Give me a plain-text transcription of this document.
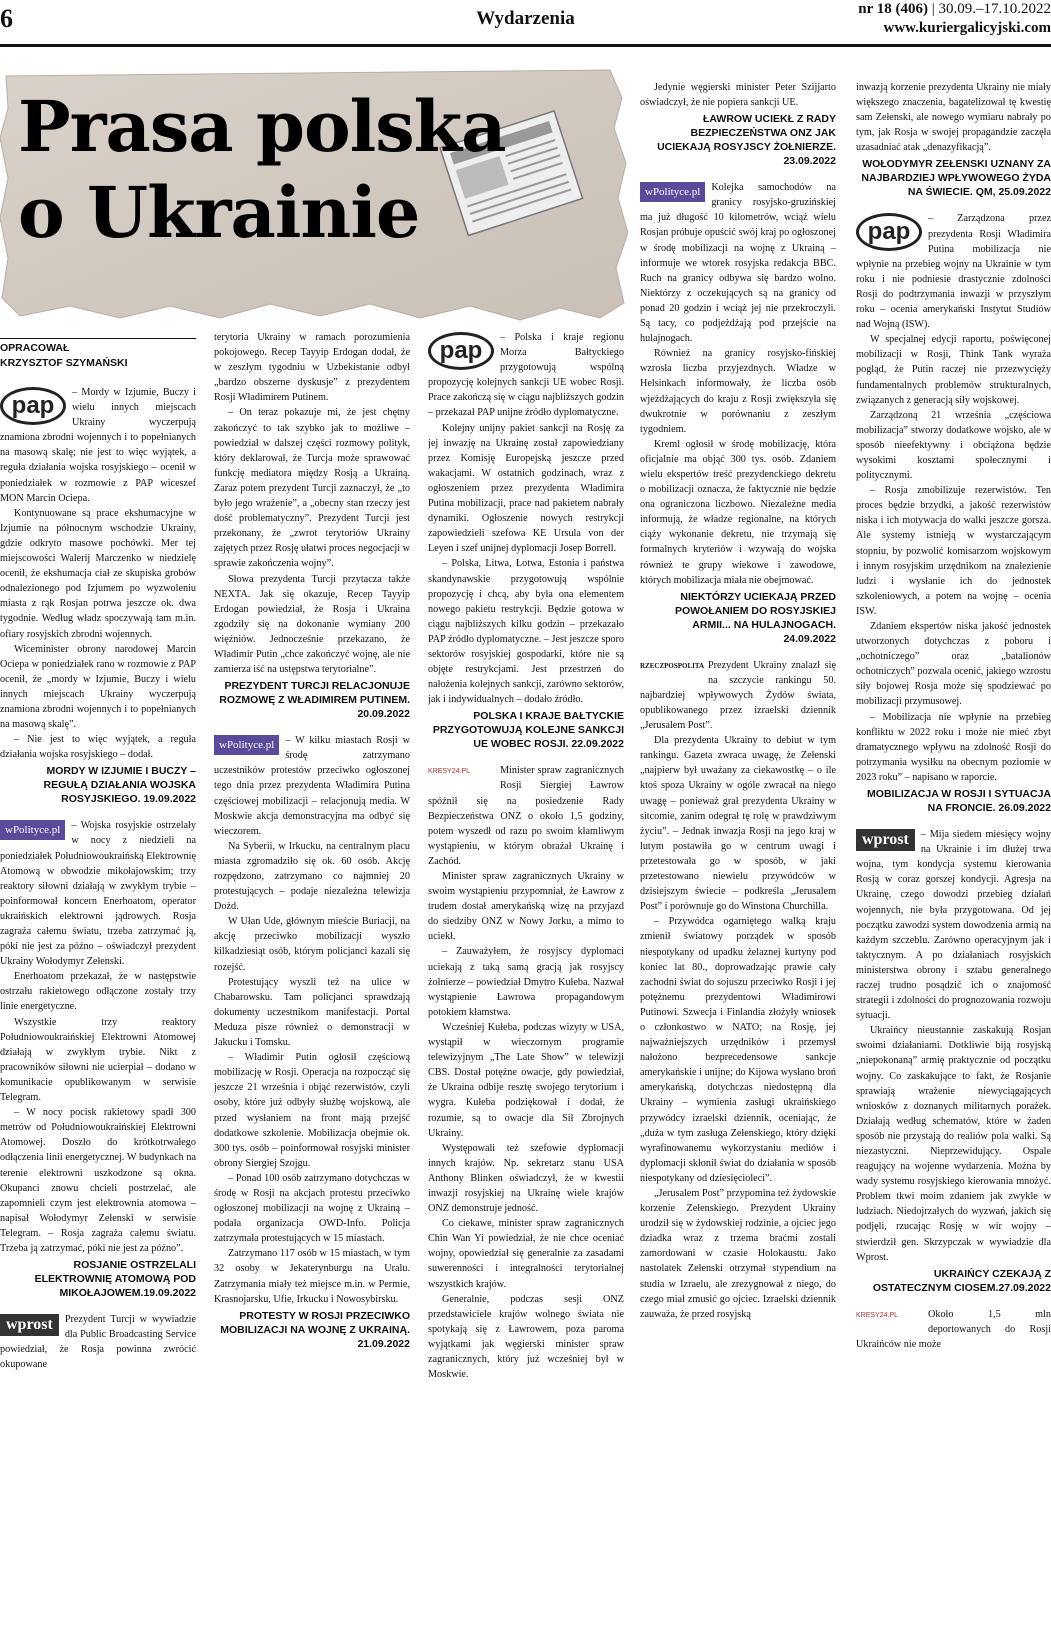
6	Wydarzenia	nr 18 (406) | 30.09.–17.10.2022
www.kuriergalicyjski.com
Prasa polska
o Ukrainie
OPRACOWAŁ
KRZYSZTOF SZYMAŃSKI
pap	– Mordy w Izjumie, Buczy i wielu innych miejscach Ukrainy wyczerpują znamiona zbrodni wojennych i to popełnianych na masową skalę; nie jest to więc wyjątek, a reguła działania wojska rosyjskiego – ocenił w poniedziałek w rozmowie z PAP wiceszef MON Marcin Ociepa.

Kontynuowane są prace ekshumacyjne w Izjumie na północnym wschodzie Ukrainy, gdzie odkryto masowe pochówki. Mer tej miejscowości Walerij Marczenko w niedzielę ocenił, że ekshumacja ciał ze skupiska grobów odnalezionego pod Izjumem po wyzwoleniu miasta z rąk Rosjan potrwa jeszcze ok. dwa tygodnie. Według władz spoczywają tam m.in. ofiary rosyjskich zbrodni wojennych.

Wiceminister obrony narodowej Marcin Ociepa w poniedziałek rano w rozmowie z PAP ocenił, że „mordy w Izjumie, Buczy i wielu innych miejscach Ukrainy wyczerpują znamiona zbrodni wojennych i to popełnianych na masową skalę”.

– Nie jest to więc wyjątek, a reguła działania wojska rosyjskiego – dodał.

MORDY W IZJUMIE I BUCZY – REGUŁĄ DZIAŁANIA WOJSKA ROSYJSKIEGO. 19.09.2022
wPolityce.pl	– Wojska rosyjskie ostrzelały w nocy z niedzieli na poniedziałek Południowoukraińską Elektrownię Atomową w obwodzie mikołajowskim; trzy reaktory siłowni działają w zwykłym trybie – poinformował koncern Enerhoatom, operator ukraińskich elektrowni jądrowych. Rosja zagraża całemu światu, trzeba zatrzymać ją, póki nie jest za późno – oświadczył prezydent Ukrainy Wołodymyr Zełenski.

Enerhoatom przekazał, że w następstwie ostrzału rakietowego odłączone zostały trzy linie energetyczne.

Wszystkie trzy reaktory Południowoukraińskiej Elektrowni Atomowej działają w zwykłym trybie. Nikt z pracowników siłowni nie ucierpiał – dodano w komunikacie opublikowanym w serwisie Telegram.

– W nocy pocisk rakietowy spadł 300 metrów od Południowoukraińskiej Elektrowni Atomowej. Doszło do krótkotrwałego odłączenia linii energetycznej. W budynkach na terenie elektrowni uszkodzone są okna. Okupanci znowu chcieli postrzelać, ale zapomnieli czym jest elektrownia atomowa – napisał Wołodymyr Zełenski w serwisie Telegram. – Rosja zagraża całemu światu. Trzeba ją zatrzymać, póki nie jest za późno”.

ROSJANIE OSTRZELALI ELEKTROWNIĘ ATOMOWĄ POD MIKOŁAJOWEM.19.09.2022
wprost	Prezydent Turcji w wywiadzie dla Public Broadcasting Service powiedział, że Rosja powinna zwrócić okupowane

terytoria Ukrainy w ramach porozumienia pokojowego. Recep Tayyip Erdogan dodał, że w zeszłym tygodniu w Uzbekistanie odbył „bardzo obszerne dyskusje” z prezydentem Rosji Władimirem Putinem.

– On teraz pokazuje mi, że jest chętny zakończyć to tak szybko jak to możliwe – powiedział w dalszej części rozmowy polityk, który deklarował, że Turcja może sprawować funkcję mediatora między Rosją a Ukrainą. Zaraz potem prezydent Turcji zaznaczył, że „to było jego wrażenie”, a „obecny stan rzeczy jest dość problematyczny”. Prezydent Turcji jest przekonany, że „zwrot terytoriów Ukrainy zajętych przez Rosję ułatwi proces negocjacji w sprawie zakończenia wojny”.

Słowa prezydenta Turcji przytacza także NEXTA. Jak się okazuje, Recep Tayyip Erdogan powiedział, że Rosja i Ukraina zgodziły się na dokonanie wymiany 200 więźniów. Jednocześnie przekazano, że Władimir Putin „chce zakończyć wojnę, ale nie zamierza iść na ustępstwa terytorialne”.

PREZYDENT TURCJI RELACJONUJE ROZMOWĘ Z WŁADIMIREM PUTINEM. 20.09.2022
wPolityce.pl	– W kilku miastach Rosji w środę zatrzymano uczestników protestów przeciwko ogłoszonej tego dnia przez prezydenta Władimira Putina częściowej mobilizacji – relacjonują media. W Moskwie akcja demonstracyjna ma odbyć się wieczorem.

Na Syberii, w Irkucku, na centralnym placu miasta zgromadziło się ok. 60 osób. Akcję rozpędzono, zatrzymano co najmniej 20 protestujących – podaje niezależna telewizja Dożd.

W Ułan Ude, głównym mieście Buriacji, na akcję przeciwko mobilizacji wyszło kilkadziesiąt osób, którym policjanci kazali się rozejść.

Protestujący wyszli też na ulice w Chabarowsku. Tam policjanci sprawdzają dokumenty uczestnikom manifestacji. Portal Meduza pisze również o demonstracji w Jakucku i Tomsku.

– Władimir Putin ogłosił częściową mobilizację w Rosji. Operacja na rozpocząć się jeszcze 21 września i objąć rezerwistów, czyli osoby, które już odbyły służbę wojskową, ale przed wysłaniem na front mają przejść dodatkowe szkolenie. Mobilizacja obejmie ok. 300 tys. osób – poinformował rosyjski minister obrony Siergiej Szojgu.

– Ponad 100 osób zatrzymano dotychczas w środę w Rosji na akcjach protestu przeciwko ogłoszonej mobilizacji na wojnę z Ukrainą – podała organizacja OWD-Info. Policja zatrzymała protestujących w 15 miastach.

Zatrzymano 117 osób w 15 miastach, w tym 32 osoby w Jekaterynburgu na Uralu. Zatrzymania miały też miejsce m.in. w Permie, Krasnojarsku, Ufie, Irkucku i Nowosybirsku.

PROTESTY W ROSJI PRZECIWKO MOBILIZACJI NA WOJNĘ Z UKRAINĄ. 21.09.2022
pap	– Polska i kraje regionu Morza Bałtyckiego przygotowują wspólną propozycję kolejnych sankcji UE wobec Rosji. Prace zakończą się w ciągu najbliższych godzin – przekazał PAP unijne źródło dyplomatyczne.

Kolejny unijny pakiet sankcji na Rosję za jej inwazję na Ukrainę został zapowiedziany przez Komisję Europejską jeszcze przed wakacjami. W ostatnich godzinach, wraz z ogłoszeniem przez prezydenta Władimira Putina mobilizacji, prace nad pakietem nabrały dynamiki. Ogłoszenie nowych restrykcji zapowiedzieli szefowa KE Ursula von der Leyen i szef unijnej dyplomacji Josep Borrell.

– Polska, Litwa, Łotwa, Estonia i państwa skandynawskie przygotowują wspólnie propozycję i chcą, aby była ona elementem nowego pakietu restrykcji. Będzie gotowa w ciągu najbliższych kilku godzin – przekazało PAP źródło dyplomatyczne. – Jest jeszcze sporo sektorów rosyjskiej gospodarki, które nie są objęte restrykcjami. Jest przestrzeń do nałożenia kolejnych sankcji, zarówno sektorów, jak i indywidualnych – dodało źródło.

POLSKA I KRAJE BAŁTYCKIE PRZYGOTOWUJĄ KOLEJNE SANKCJI UE WOBEC ROSJI. 22.09.2022
KRESY24.PL	Minister spraw zagranicznych Rosji Siergiej Ławrow spóźnił się na posiedzenie Rady Bezpieczeństwa ONZ o około 1,5 godziny, potem wyszedł od razu po swoim kłamliwym wystąpieniu, w którym obrażał Ukrainę i Zachód.

Minister spraw zagranicznych Ukrainy w swoim wystąpieniu przypomniał, że Ławrow z trudem dostał amerykańską wizę na przyjazd do siedziby ONZ w Nowy Jorku, a mimo to uciekł.

– Zauważyłem, że rosyjscy dyplomaci uciekają z taką samą gracją jak rosyjscy żołnierze – powiedział Dmytro Kułeba. Nazwał wystąpienie Ławrowa propagandowym potokiem kłamstwa.

Wcześniej Kułeba, podczas wizyty w USA, wystąpił w wieczornym programie telewizyjnym „The Late Show” w telewizji CBS. Dostał potężne owacje, gdy powiedział, że Ukraina odbije resztę swojego terytorium i wygra. Kułeba podziękował i dodał, że rozumie, są to owacje dla Sił Zbrojnych Ukrainy.

Występowali też szefowie dyplomacji innych krajów. Np. sekretarz stanu USA Anthony Blinken oświadczył, że w kwestii inwazji rosyjskiej na Ukrainę wiele krajów ONZ demonstruje jedność.

Co ciekawe, minister spraw zagranicznych Chin Wan Yi powiedział, że nie chce oceniać wojny, opowiedział się generalnie za zasadami suwerenności i integralności terytorialnej wszystkich krajów.

Generalnie, podczas sesji ONZ przedstawiciele krajów wolnego świata nie spotykają się z Ławrowem, poza paroma wyjątkami jak węgierski minister spraw zagranicznych, który już wcześniej był w Moskwie.

Jedynie węgierski minister Peter Szijjarto oświadczył, że nie popiera sankcji UE.

ŁAWROW UCIEKŁ Z RADY BEZPIECZEŃSTWA ONZ JAK UCIEKAJĄ ROSYJSCY ŻOŁNIERZE. 23.09.2022
wPolityce.pl	Kolejka samochodów na granicy rosyjsko-gruzińskiej ma już długość 10 kilometrów, wciąż wielu Rosjan próbuje opuścić swój kraj po ogłoszonej w środę mobilizacji na wojnę z Ukrainą – informuje we wtorek rosyjska redakcja BBC. Ruch na granicy odbywa się bardzo wolno. Niektórzy z oczekujących są na granicy od ponad 20 godzin i wciąż jej nie przekroczyli. Są tacy, co podjeżdżają pod przejście na hulajnogach.

Również na granicy rosyjsko-fińskiej wzrosła liczba przyjezdnych. Władze w Helsinkach informowały, że liczba osób wjeżdżających do kraju z Rosji zwiększyła się dwukrotnie w porównaniu z zeszłym tygodniem.

Kreml ogłosił w środę mobilizację, która oficjalnie ma objąć 300 tys. osób. Zdaniem wielu ekspertów treść prezydenckiego dekretu o mobilizacji oznacza, że faktycznie nie będzie ona ograniczona liczbowo. Niezależne media informują, że władze regionalne, na których ciąży wykonanie dekretu, nie trzymają się formalnych kryteriów i wzywają do wojska również te grupy wiekowe i zawodowe, których mobilizacja miała nie obejmować.

NIEKTÓRZY UCIEKAJĄ PRZED POWOŁANIEM DO ROSYJSKIEJ ARMII... NA HULAJNOGACH. 24.09.2022
RZECZPOSPOLITA Prezydent Ukrainy znalazł się na szczycie rankingu 50. najbardziej wpływowych Żydów świata, opublikowanego przez izraelski dziennik „Jerusalem Post”.

Dla prezydenta Ukrainy to debiut w tym rankingu. Gazeta zwraca uwagę, że Zełenski „najpierw był uważany za ciekawostkę – o ile ktoś spoza Ukrainy w ogóle zwracał na niego uwagę – ponieważ grał prezydenta Ukrainy w sitcomie, zanim odegrał tę rolę w prawdziwym życiu”. – Jednak inwazja Rosji na jego kraj w lutym postawiła go w centrum uwagi i przetestowała go w sposób, w jaki przetestowano niewielu przywódców w dzisiejszym świecie – podkreśla „Jerusalem Post” i porównuje go do Winstona Churchilla.

– Przywódca ogarniętego walką kraju zmienił światowy porządek w sposób niespotykany od upadku żelaznej kurtyny pod koniec lat 80., doprowadzając prawie cały zachodni świat do sojuszu przeciwko Rosji i jej potężnemu prezydentowi Władimirowi Putinowi. Szwecja i Finlandia złożyły wniosek o członkostwo w NATO; na Rosję, jej najważniejszych urzędników i przemysł nałożono bezprecedensowe sankcje amerykańskie i unijne; do Kijowa wysłano broń amerykańską, dotychczas niedostępną dla Ukrainy – wymienia zasługi ukraińskiego przywódcy izraelski dziennik, oceniając, że „duża w tym zasługa Zełenskiego, który dzięki wyrafinowanemu wykorzystaniu mediów i dyplomacji skłonił świat do działania w sposób niespotykany od dziesięcioleci”.

„Jerusalem Post” przypomina też żydowskie korzenie Zełenskiego. Prezydent Ukrainy urodził się w żydowskiej rodzinie, a ojciec jego dziadka wraz z trzema braćmi zostali zamordowani w czasie Holokaustu. Jako nastolatek Zełenski otrzymał stypendium na studia w Izraelu, ale zrezygnował z niego, do czego miał zmusić go ojciec. Izraelski dziennik zauważa, że przed rosyjską

inwazją korzenie prezydenta Ukrainy nie miały większego znaczenia, bagatelizował tę kwestię sam Zełenski, ale nowego wymiaru nabrały po tym, jak Rosja w swojej propagandzie zaczęła uzasadniać atak „denazyfikacją”.

WOŁODYMYR ZEŁENSKI UZNANY ZA NAJBARDZIEJ WPŁYWOWEGO ŻYDA NA ŚWIECIE. QM, 25.09.2022
pap	– Zarządzona przez prezydenta Rosji Władimira Putina mobilizacja nie wpłynie na przebieg wojny na Ukrainie w tym roku i nie podniesie drastycznie zdolności Rosji do podtrzymania inwazji w przyszłym roku – ocenia amerykański Instytut Studiów nad Wojną (ISW).

W specjalnej edycji raportu, poświęconej mobilizacji w Rosji, Think Tank wyraża pogląd, że Putin raczej nie przezwycięży fundamentalnych problemów strukturalnych, związanych z generacją siły wojskowej.

Zarządzoną 21 września „częściowa mobilizacja” stworzy dodatkowe wojsko, ale w sposób nieefektywny i obciążona będzie wysokimi kosztami społecznymi i politycznymi.

– Rosja zmobilizuje rezerwistów. Ten proces będzie brzydki, a jakość rezerwistów niska i ich motywacja do walki jeszcze gorsza. Ale systemy istnieją w wystarczającym stopniu, by pozwolić komisarzom wojskowym i innym rosyjskim urzędnikom na znalezienie ludzi i wysłanie ich do jednostek szkoleniowych, a potem na wojnę – ocenia ISW.

Zdaniem ekspertów niska jakość jednostek utworzonych dotychczas z poboru i „ochotniczego” oraz „batalionów ochotniczych” pozwala ocenić, jakiego wzrostu siły bojowej Rosja może się spodziewać po mobilizacji przymusowej.

– Mobilizacja nie wpłynie na przebieg konfliktu w 2022 roku i może nie mieć zbyt dramatycznego wpływu na zdolność Rosji do potrzymania wysiłku na obecnym poziomie w 2023 roku” – napisano w raporcie.

MOBILIZACJA W ROSJI I SYTUACJA NA FRONCIE. 26.09.2022
wprost	– Mija siedem miesięcy wojny na Ukrainie i im dłużej trwa wojna, tym kondycja systemu kierowania Rosją w coraz gorszej kondycji. Agresja na Ukrainę, czego dowodzi przebieg działań wojennych, nie była przygotowana. Od jej początku zawodzi system dowodzenia armią na każdym szczeblu. Zarówno operacyjnym jak i taktycznym. A po działaniach rosyjskich ministerstwa obrony i sztabu generalnego raczej trudno posądzić ich o znajomość strategii i zdolności do prognozowania rozwoju sytuacji.

Ukraińcy nieustannie zaskakują Rosjan swoimi działaniami. Dotkliwie biją rosyjską „niepokonaną” armię praktycznie od początku wojny. Co zaskakujące to fakt, że Rosjanie sprawiają wrażenie niewyciągających wniosków z doznanych militarnych porażek. Działają według schematów, które w żaden sposób nie przystają do realiów pola walki. Są niezastyczni. Nieprzewidujący. Ospale reagujący na wojenne wydarzenia. Można by wady systemu rosyjskiego kierowania mnożyć. Problem tkwi moim zdaniem jak zwykle w ludziach. Niedojrzałych do wyzwań, jakich się podjęli, rzucając Rosję w wir wojny – stwierdził gen. Skrzypczak w wywiadzie dla Wprost.

UKRAIŃCY CZEKAJĄ Z OSTATECZNYM CIOSEM.27.09.2022
KRESY24.PL	Około 1,5 mln deportowanych do Rosji Ukraińców nie może
